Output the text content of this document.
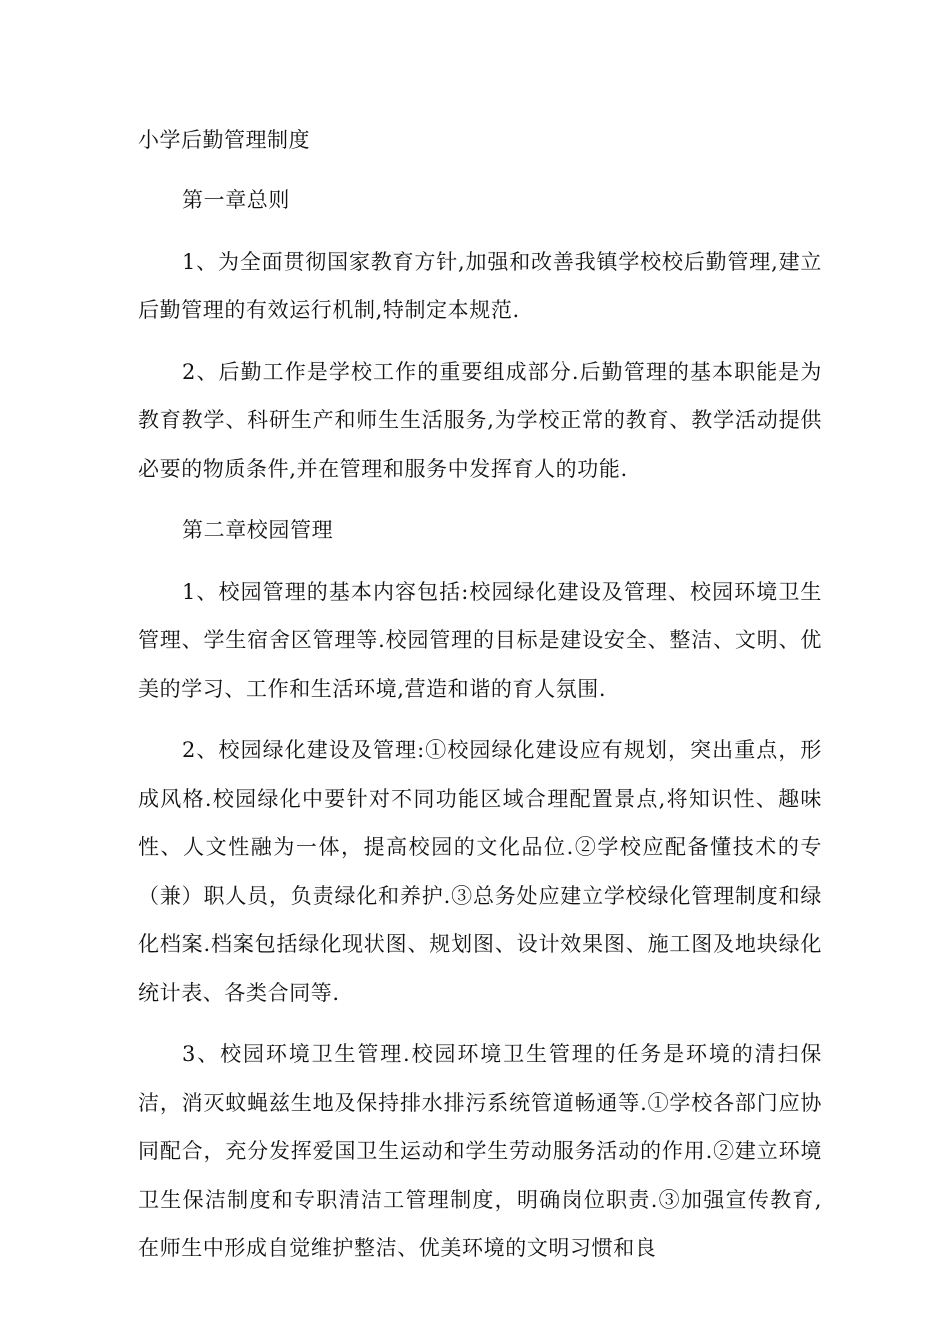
小学后勤管理制度

第一章总则

1、为全面贯彻国家教育方针,加强和改善我镇学校校后勤管理,建立后勤管理的有效运行机制,特制定本规范.

2、后勤工作是学校工作的重要组成部分.后勤管理的基本职能是为教育教学、科研生产和师生生活服务,为学校正常的教育、教学活动提供必要的物质条件,并在管理和服务中发挥育人的功能.

第二章校园管理

1、校园管理的基本内容包括:校园绿化建设及管理、校园环境卫生管理、学生宿舍区管理等.校园管理的目标是建设安全、整洁、文明、优美的学习、工作和生活环境,营造和谐的育人氛围.

2、校园绿化建设及管理:①校园绿化建设应有规划，突出重点，形成风格.校园绿化中要针对不同功能区域合理配置景点,将知识性、趣味性、人文性融为一体，提高校园的文化品位.②学校应配备懂技术的专（兼）职人员，负责绿化和养护.③总务处应建立学校绿化管理制度和绿化档案.档案包括绿化现状图、规划图、设计效果图、施工图及地块绿化统计表、各类合同等.

3、校园环境卫生管理.校园环境卫生管理的任务是环境的清扫保洁，消灭蚊蝇兹生地及保持排水排污系统管道畅通等.①学校各部门应协同配合，充分发挥爱国卫生运动和学生劳动服务活动的作用.②建立环境卫生保洁制度和专职清洁工管理制度，明确岗位职责.③加强宣传教育,在师生中形成自觉维护整洁、优美环境的文明习惯和良
